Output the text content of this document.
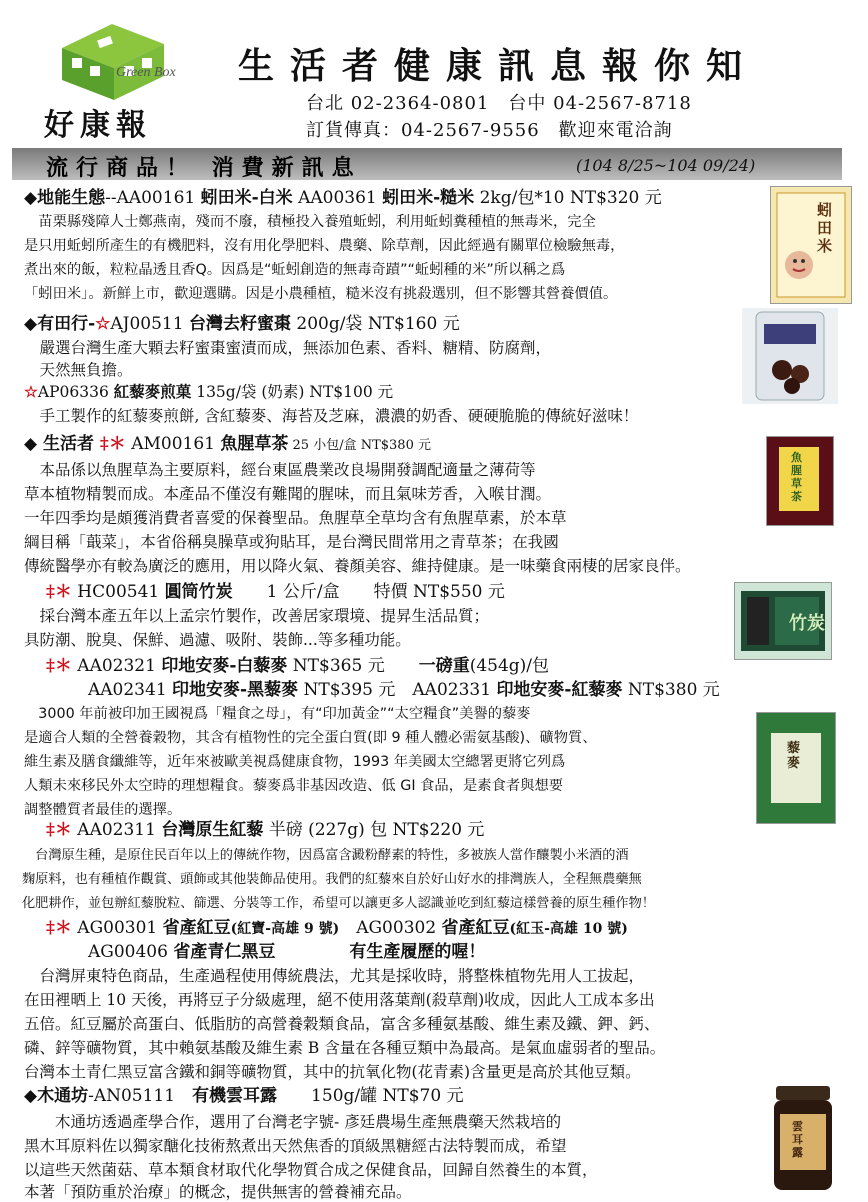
Green Box
好康報
生活者健康訊息報你知
台北 02-2364-0801　台中 04-2567-8718
訂貨傳真：04-2567-9556　歡迎來電洽詢
流行商品！ 消費新訊息	(104 8/25~104 09/24)
◆地能生態--AA00161 蚓田米-白米 AA00361 蚓田米-糙米 2kg/包*10 NT$320 元
　苗栗縣殘障人士鄭燕南，殘而不廢，積極投入養殖蚯蚓，利用蚯蚓糞種植的無毒米，完全
是只用蚯蚓所產生的有機肥料，沒有用化學肥料、農藥、除草劑，因此經過有關單位檢驗無毒，
煮出來的飯，粒粒晶透且香Q。因爲是“蚯蚓創造的無毒奇蹟”“蚯蚓種的米”所以稱之爲
「蚓田米」。新鮮上市，歡迎選購。因是小農種植，糙米沒有挑殺選別，但不影響其營養價值。
蚓田米
◆有田行-☆AJ00511 台灣去籽蜜棗 200g/袋 NT$160 元
　嚴選台灣生產大顆去籽蜜棗蜜漬而成，無添加色素、香料、糖精、防腐劑，
　天然無負擔。
☆AP06336 紅藜麥煎菓 135g/袋 (奶素) NT$100 元
　手工製作的紅藜麥煎餅, 含紅藜麥、海苔及芝麻，濃濃的奶香、硬硬脆脆的傳統好滋味！
◆ 生活者 ‡＊ AM00161 魚腥草茶 25 小包/盒 NT$380 元
　本品係以魚腥草為主要原料，經台東區農業改良場開發調配適量之薄荷等
草本植物精製而成。本產品不僅沒有難聞的腥味，而且氣味芳香，入喉甘潤。
一年四季均是頗獲消費者喜愛的保養聖品。魚腥草全草均含有魚腥草素，於本草
綱目稱「蕺菜」，本省俗稱臭臊草或狗貼耳，是台灣民間常用之青草茶；在我國
傳統醫學亦有較為廣泛的應用，用以降火氣、養顏美容、維持健康。是一味藥食兩棲的居家良伴。
魚腥草茶
‡＊ HC00541 圓筒竹炭　　1 公斤/盒　　特價 NT$550 元
　採台灣本產五年以上孟宗竹製作，改善居家環境、提昇生活品質；
具防潮、脫臭、保鮮、過濾、吸附、裝飾...等多種功能。
竹炭
‡＊ AA02321 印地安麥-白藜麥 NT$365 元　　一磅重(454g)/包
AA02341 印地安麥-黑藜麥 NT$395 元　AA02331 印地安麥-紅藜麥 NT$380 元
　3000 年前被印加王國視爲「糧食之母」，有“印加黃金”“太空糧食”美譽的藜麥
是適合人類的全營養穀物，其含有植物性的完全蛋白質(即 9 種人體必需氨基酸)、礦物質、
維生素及膳食纖維等，近年來被歐美視爲健康食物，1993 年美國太空總署更將它列爲
人類未來移民外太空時的理想糧食。藜麥爲非基因改造、低 GI 食品，是素食者與想要
調整體質者最佳的選擇。
藜麥
‡＊ AA02311 台灣原生紅藜 半磅 (227g) 包 NT$220 元
　台灣原生種，是原住民百年以上的傳統作物，因爲富含澱粉酵素的特性，多被族人當作釀製小米酒的酒
麴原料，也有種植作觀賞、頭飾或其他裝飾品使用。我們的紅藜來自於好山好水的排灣族人，全程無農藥無
化肥耕作，並包辦紅藜脫粒、篩選、分裝等工作，希望可以讓更多人認識並吃到紅藜這樣營養的原生種作物！
‡＊ AG00301 省產紅豆(紅寶-高雄 9 號)　AG00302 省產紅豆(紅玉-高雄 10 號)
AG00406 省產青仁黑豆	有生產履歷的喔！
　台灣屏東特色商品，生產過程使用傳統農法，尤其是採收時，將整株植物先用人工拔起，
在田裡晒上 10 天後，再將豆子分級處理，絕不使用落葉劑(殺草劑)收成，因此人工成本多出
五倍。紅豆屬於高蛋白、低脂肪的高營養穀類食品，富含多種氨基酸、維生素及鐵、鉀、鈣、
磷、鋅等礦物質，其中賴氨基酸及維生素 B 含量在各種豆類中為最高。是氣血虛弱者的聖品。
台灣本土青仁黑豆富含鐵和銅等礦物質，其中的抗氧化物(花青素)含量更是高於其他豆類。
◆木通坊-AN05111　有機雲耳露　　150g/罐 NT$70 元
　　木通坊透過產學合作，選用了台灣老字號- 彥廷農場生產無農藥天然栽培的
黑木耳原料佐以獨家醣化技術熬煮出天然焦香的頂級黑糖經古法特製而成，希望
以這些天然菌菇、草本類食材取代化學物質合成之保健食品，回歸自然養生的本質，
本著「預防重於治療」的概念，提供無害的營養補充品。
雲耳露
